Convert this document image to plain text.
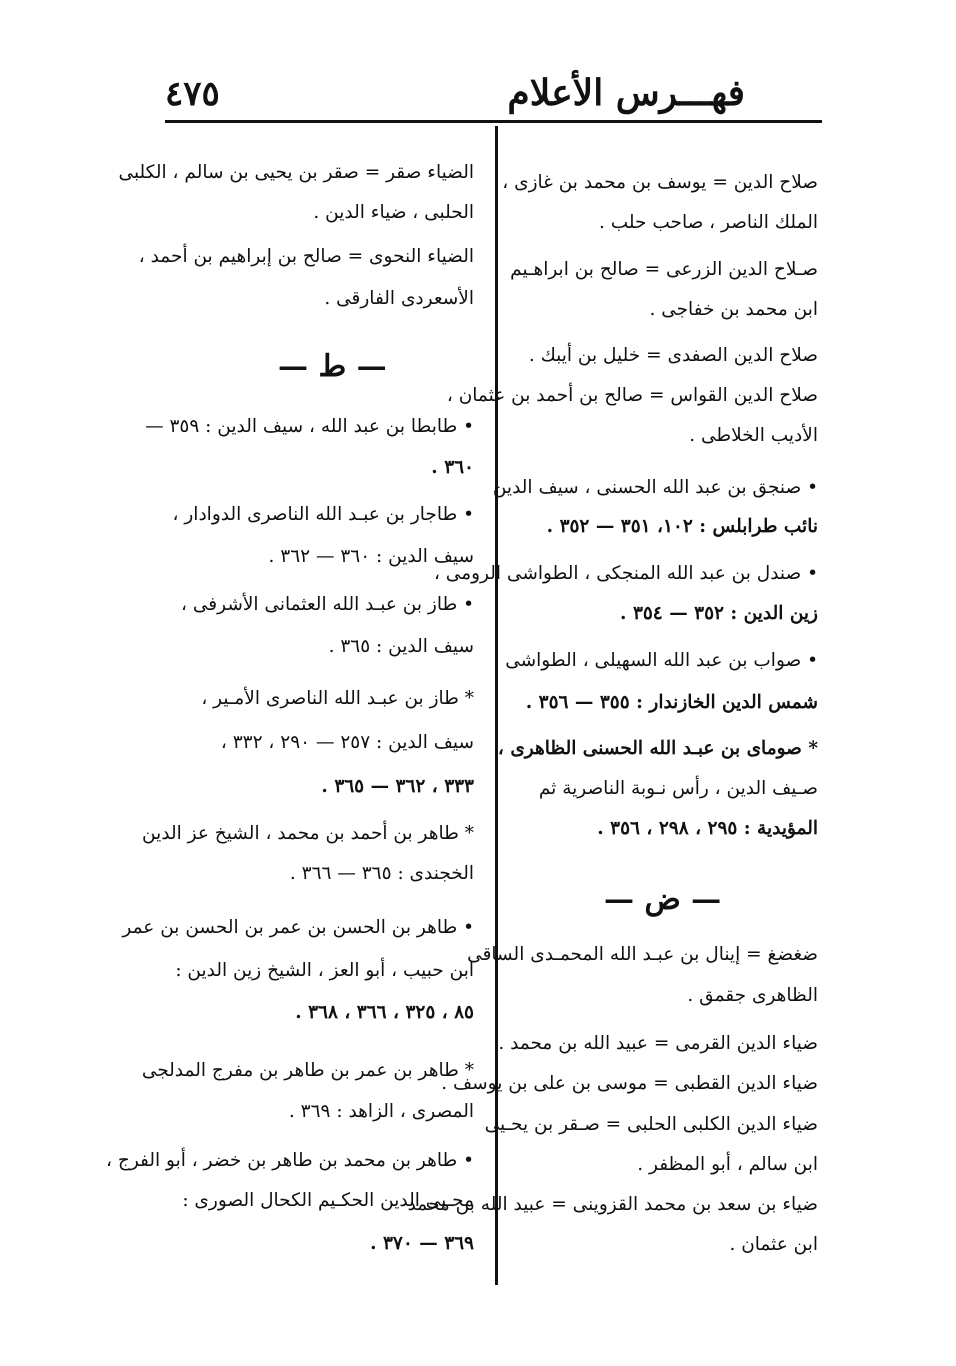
فهـــرس الأعلام
٤٧٥
صلاح الدين = يوسف بن محمد بن غازى ،
الملك الناصر ، صاحب حلب .
صـلاح الدين الزرعى = صالح بن ابراهـيم
ابن محمد بن خفاجى .
صلاح الدين الصفدى = خليل بن أيبك .
صلاح الدين القواس = صالح بن أحمد بن عثمان ،
الأديب الخلاطى .
• صنجق بن عبد الله الحسنى ، سيف الدين
نائب طرابلس : ١٠٢، ٣٥١ — ٣٥٢ .
• صندل بن عبد الله المنجكى ، الطواشى الرومى ،
زين الدين : ٣٥٢ — ٣٥٤ .
• صواب بن عبد الله السهيلى ، الطواشى ،
شمس الدين الخازندار : ٣٥٥ — ٣٥٦ .
* صوماى بن عبـد الله الحسنى الظاهرى ،
صـيف الدين ، رأس نـوبة الناصرية ثم
المؤيدية : ٢٩٥ ، ٢٩٨ ، ٣٥٦ .
ضغضغ = إينال بن عبـد الله المحمـدى الساقى
الظاهرى جقمق .
ضياء الدين القرمى = عبيد الله بن محمد .
ضياء الدين القطبى = موسى بن على بن يوسف .
ضياء الدين الكلبى الحلبى = صـقر بن يحـيى
ابن سالم ، أبو المظفر .
ضياء بن سعد بن محمد القزوينى = عبيد الله بن محمد
ابن عثمان .
— ض —
الضياء صقر = صقر بن يحيى بن سالم ، الكلبى
الحلبى ، ضياء الدين .
الضياء النحوى = صالح بن إبراهيم بن أحمد ،
الأسعردى الفارقى .
• طابطا بن عبد الله ، سيف الدين : ٣٥٩ —
٣٦٠ .
• طاجار بن عبـد الله الناصرى الدوادار ،
سيف الدين : ٣٦٠ — ٣٦٢ .
• طاز بن عبـد الله العثمانى الأشرفى ،
سيف الدين : ٣٦٥ .
* طاز بن عبـد الله الناصرى الأمـير ،
سيف الدين : ٢٥٧ — ٢٩٠ ، ٣٣٢ ،
٣٣٣ ، ٣٦٢ — ٣٦٥ .
* طاهر بن أحمد بن محمد ، الشيخ عز الدين
الخجندى : ٣٦٥ — ٣٦٦ .
• طاهر بن الحسن بن عمر بن الحسن بن عمر
ابن حبيب ، أبو العز ، الشيخ زين الدين :
٨٥ ، ٣٢٥ ، ٣٦٦ ، ٣٦٨ .
* طاهر بن عمر بن طاهر بن مفرج المدلجى
المصرى ، الزاهد : ٣٦٩ .
• طاهر بن محمد بن طاهر بن خضر ، أبو الفرج ،
محـيى الدين الحكـيم الكحال الصورى :
٣٦٩ — ٣٧٠ .
— ط —
